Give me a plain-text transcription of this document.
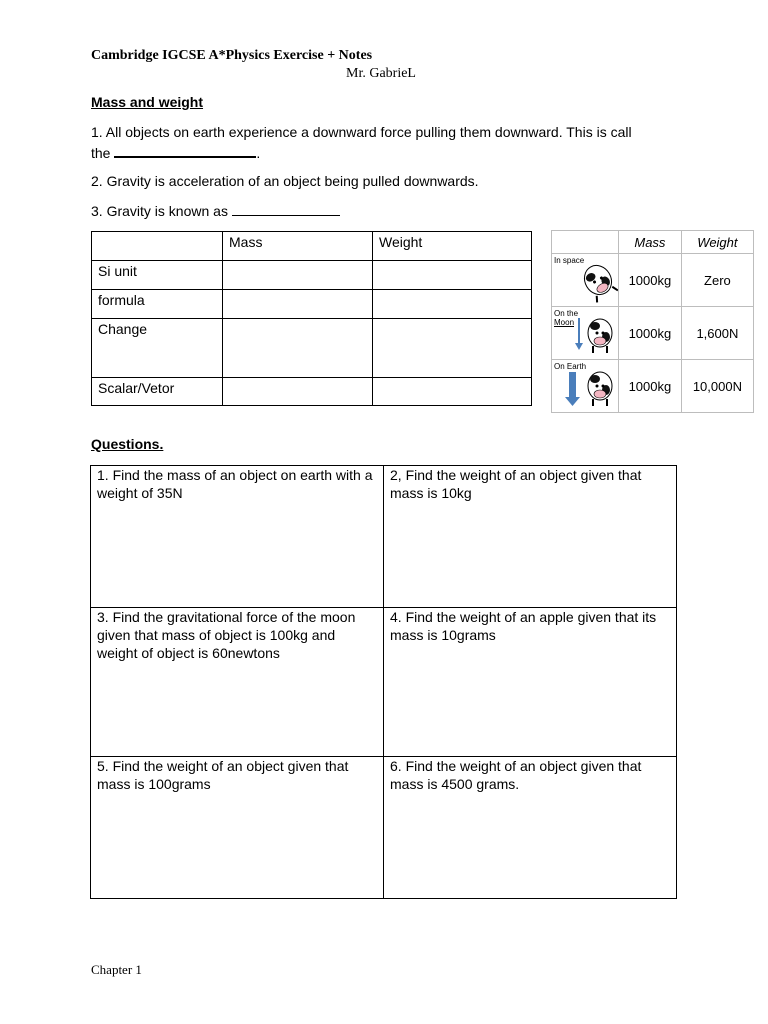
Cambridge IGCSE A*Physics Exercise + Notes
Mr. GabrieL
Mass and weight
1. All objects on earth experience a downward force pulling them downward. This is call
the	.
2. Gravity is acceleration of an object being pulled downwards.
3. Gravity is known as
	Mass	Weight
Si unit		
formula		
Change		
Scalar/Vetor		
	Mass	Weight

In space	1000kg	Zero

On the
Moon	1000kg	1,600N

On Earth	1000kg	10,000N
Questions.
1. Find the mass of an object on earth with a weight of 35N	2, Find the weight of an object given that mass is 10kg
3. Find the gravitational force of the moon given that mass of object is 100kg and weight of object is 60newtons	4. Find the weight of an apple given that its mass is 10grams
5. Find the weight of an object given that mass is 100grams	6. Find the weight of an object given that mass is 4500 grams.
Chapter 1
